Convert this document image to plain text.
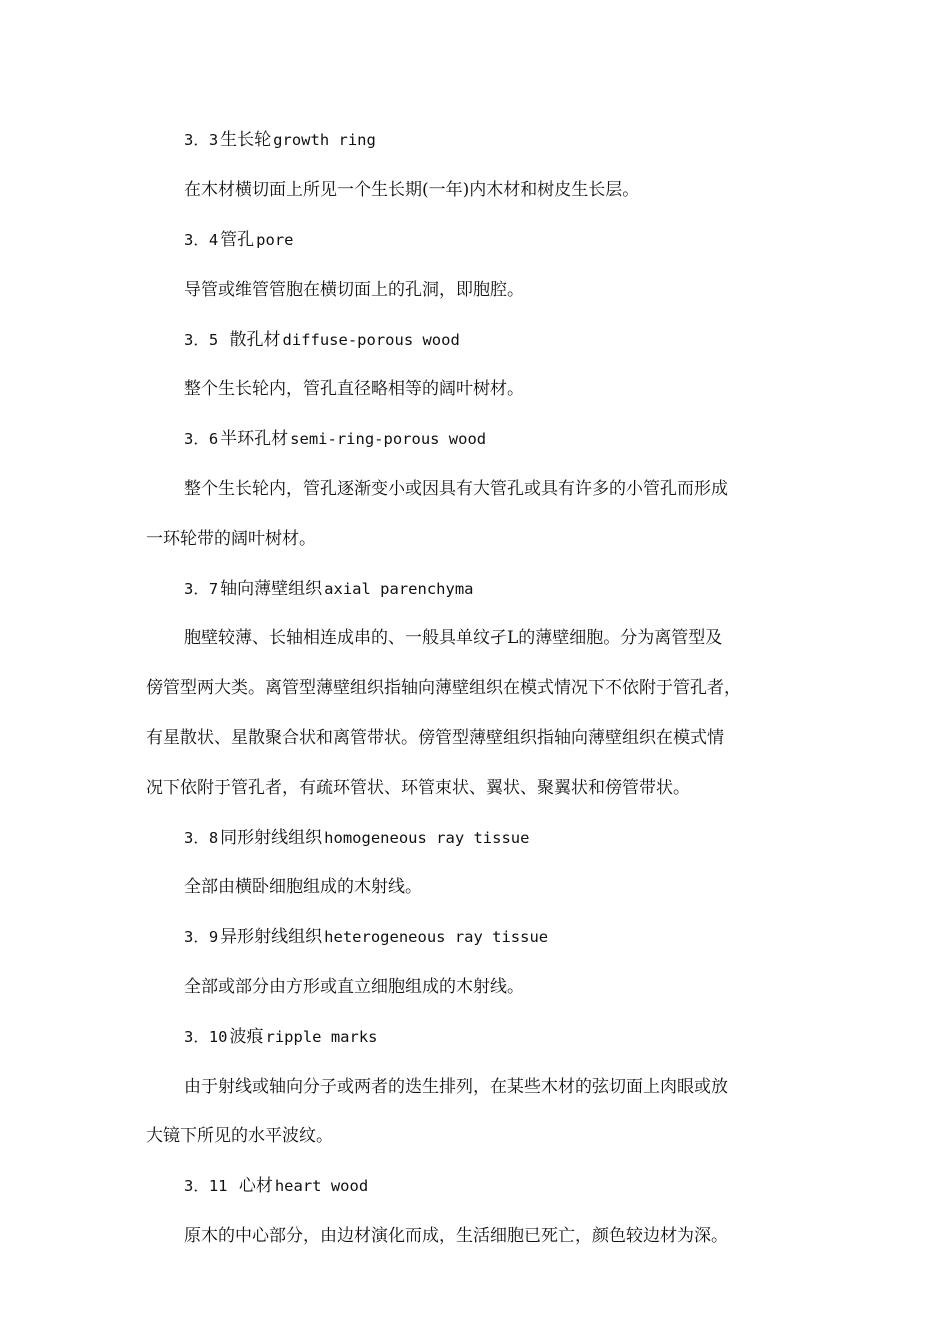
3．3 生长轮 growth ring
在木材横切面上所见一个生长期(一年)内木材和树皮生长层。
3．4 管孔 pore
导管或维管管胞在横切面上的孔洞，即胞腔。
3．5 散孔材 diffuse-porous wood
整个生长轮内，管孔直径略相等的阔叶树材。
3．6 半环孔材 semi-ring-porous wood
整个生长轮内，管孔逐渐变小或因具有大管孔或具有许多的小管孔而形成
一环轮带的阔叶树材。
3．7 轴向薄壁组织 axial parenchyma
胞壁较薄、长轴相连成串的、一般具单纹孑L的薄壁细胞。分为离管型及
傍管型两大类。离管型薄壁组织指轴向薄壁组织在模式情况下不依附于管孔者，
有星散状、星散聚合状和离管带状。傍管型薄壁组织指轴向薄壁组织在模式情
况下依附于管孔者，有疏环管状、环管束状、翼状、聚翼状和傍管带状。
3．8 同形射线组织 homogeneous ray tissue
全部由横卧细胞组成的木射线。
3．9 异形射线组织 heterogeneous ray tissue
全部或部分由方形或直立细胞组成的木射线。
3．10 波痕 ripple marks
由于射线或轴向分子或两者的迭生排列，在某些木材的弦切面上肉眼或放
大镜下所见的水平波纹。
3．11 心材 heart wood
原木的中心部分，由边材演化而成，生活细胞已死亡，颜色较边材为深。
